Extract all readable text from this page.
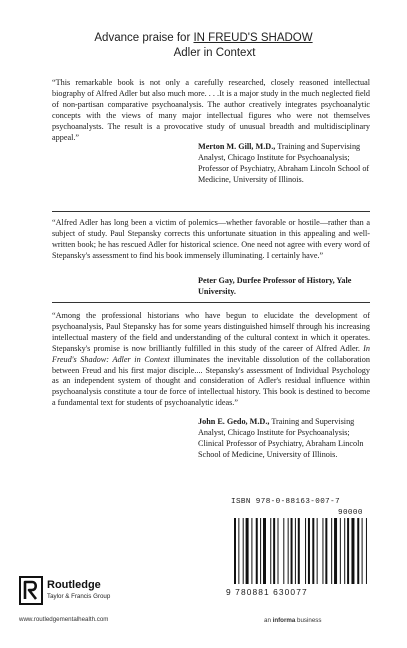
Advance praise for IN FREUD'S SHADOW
Adler in Context
“This remarkable book is not only a carefully researched, closely reasoned intellectual biography of Alfred Adler but also much more. . . .It is a major study in the much neglected field of non-partisan comparative psychoanalysis. The author creatively integrates psychoanalytic concepts with the views of many major intellectual figures who were not themselves psychoanalysts. The result is a provocative study of unusual breadth and multidisciplinary appeal.”
Merton M. Gill, M.D., Training and Supervising Analyst, Chicago Institute for Psychoanalysis; Professor of Psychiatry, Abraham Lincoln School of Medicine, University of Illinois.
“Alfred Adler has long been a victim of polemics—whether favorable or hostile—rather than a subject of study. Paul Stepansky corrects this unfortunate situation in this appealing and well-written book; he has rescued Adler for historical science. One need not agree with every word of Stepansky's assessment to find his book immensely illuminating. I certainly have.”
Peter Gay, Durfee Professor of History, Yale University.
“Among the professional historians who have begun to elucidate the development of psychoanalysis, Paul Stepansky has for some years distinguished himself through his increasing intellectual mastery of the field and understanding of the cultural context in which it operates. Stepansky's promise is now brilliantly fulfilled in this study of the career of Alfred Adler. In Freud's Shadow: Adler in Context illuminates the inevitable dissolution of the collaboration between Freud and his first major disciple.... Stepansky's assessment of Individual Psychology as an independent system of thought and consideration of Adler's residual influence within psychoanalysis constitute a tour de force of intellectual history. This book is destined to become a fundamental text for students of psychoanalytic ideas.”
John E. Gedo, M.D., Training and Supervising Analyst, Chicago Institute for Psychoanalysis; Clinical Professor of Psychiatry, Abraham Lincoln School of Medicine, University of Illinois.
ISBN 978-0-88163-007-7
90000
9 780881 630077
Routledge
Taylor & Francis Group
www.routledgementalhealth.com	an informa business
